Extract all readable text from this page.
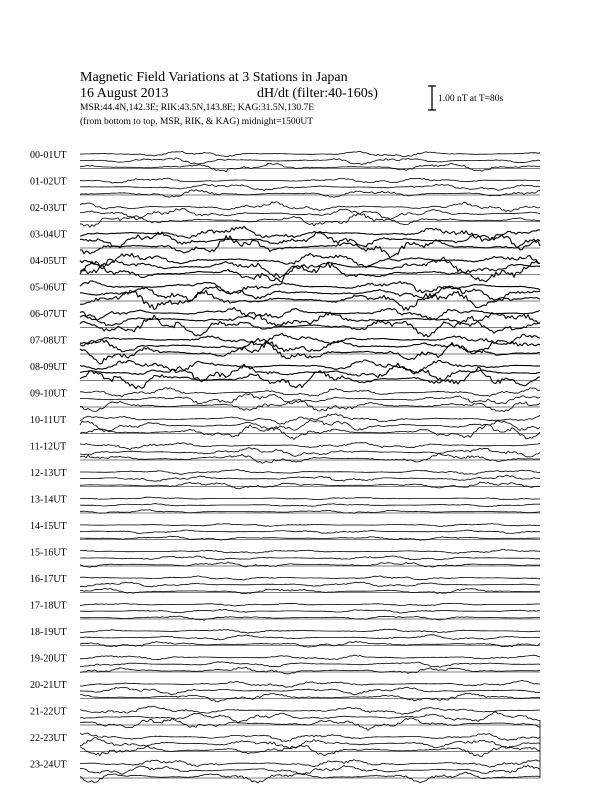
Magnetic Field Variations at 3 Stations in Japan
16 August 2013	dH/dt (filter:40-160s)
MSR:44.4N,142.3E; RIK:43.5N,143.8E; KAG:31.5N,130.7E
(from bottom to top, MSR, RIK, & KAG) midnight=1500UT
1.00 nT at T=80s
00-01UT
01-02UT
02-03UT
03-04UT
04-05UT
05-06UT
06-07UT
07-08UT
08-09UT
09-10UT
10-11UT
11-12UT
12-13UT
13-14UT
14-15UT
15-16UT
16-17UT
17-18UT
18-19UT
19-20UT
20-21UT
21-22UT
22-23UT
23-24UT
